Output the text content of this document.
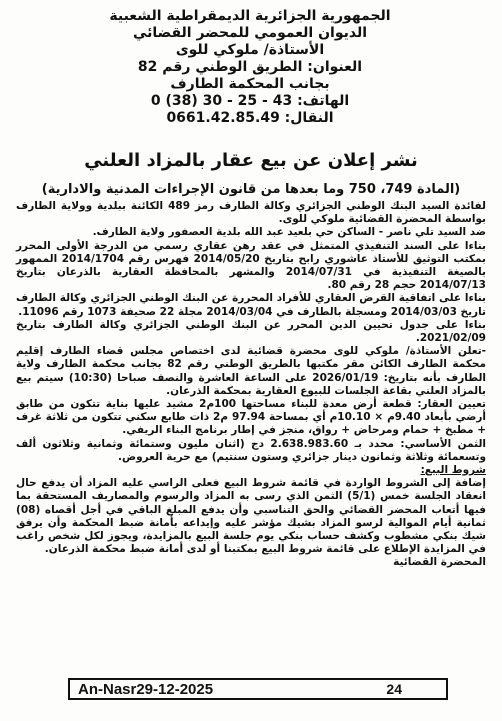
الجمهورية الجزائرية الديمقراطية الشعبية
الديوان العمومي للمحضر القضائي
الأستاذة/ ملوكي للوى
العنوان: الطريق الوطني رقم 82
بجانب المحكمة الطارف
الهاتف: 43 - 25 - 30 (38) 0
النقال: 0661.42.85.49
نشر إعلان عن بيع عقار بالمزاد العلني
(المادة 749، 750 وما بعدها من قانون الإجراءات المدنية والادارية)

لفائدة السيد البنك الوطني الجزائري وكالة الطارف رمز 489 الكائنة ببلدية وولاية الطارف بواسطة المحضرة القضائية ملوكي للوى.

ضد السيد تلي ناصر - الساكن حي بلعيد عبد الله بلدية العصفور ولاية الطارف.

بناءا على السند التنفيذي المتمثل في عقد رهن عقاري رسمي من الدرجة الأولى المحرر بمكتب التوثيق للأستاذ عاشوري رابح بتاريخ 2014/05/20 فهرس رقم 2014/1704 الممهور بالصيغة التنفيذية في 2014/07/31 والمشهر بالمحافظة العقارية بالذرعان بتاريخ 2014/07/13 حجم 28 رقم 80.

بناءا على اتفاقية القرض العقاري للأفراد المحررة عن البنك الوطني الجزائري وكالة الطارف تاريخ 2014/03/03 ومسجلة بالطارف في 2014/03/04 مجلة 22 صحيفة 1073 رقم 11096.

بناءا على جدول تحيين الدين المحرر عن البنك الوطني الجزائري وكالة الطارف بتاريخ 2021/02/09.

-تعلن الأستاذة/ ملوكي للوى محضرة قضائية لدى اختصاص مجلس قضاء الطارف إقليم محكمة الطارف الكائن مقر مكتبها بالطريق الوطني رقم 82 بجانب محكمة الطارف ولاية الطارف بأنه بتاريخ: 2026/01/19 على الساعة العاشرة والنصف صباحا (10:30) سيتم بيع بالمزاد العلني بقاعة الجلسات للبيوع العقارية بمحكمة الذرعان.

تعيين العقار: قطعة أرض معدة للبناء مساحتها 100م2 مشيد عليها بناية تتكون من طابق أرضي بأبعاد 9.40م × 10.10م أي بمساحة 97.94 م2 ذات طابع سكني تتكون من ثلاثة غرف + مطبخ + حمام ومرحاض + رواق، منجز في إطار برنامج البناء الريفي.

الثمن الأساسي: محدد بـ 2.638.983.60 دج (اثنان مليون وستمائة وثمانية وثلاثون ألف وتسعمائة وثلاثة وثمانون دينار جزائري وستون سنتيم) مع حرية العروض.

شروط البيع:

إضافة إلى الشروط الواردة في قائمة شروط البيع فعلى الراسي عليه المزاد أن يدفع حال انعقاد الجلسة خمس (5/1) الثمن الذي رسى به المزاد والرسوم والمصاريف المستحقة بما فيها أتعاب المحضر القضائي والحق التناسبي وأن يدفع المبلغ الباقي في أجل أقصاه (08) ثمانية أيام الموالية لرسو المزاد بشيك مؤشر عليه وإيداعه بأمانة ضبط المحكمة وأن يرفق شيك بنكي مشطوب وكشف حساب بنكي يوم جلسة البيع بالمزايدة، ويجوز لكل شخص راغب في المزايدة الإطلاع على قائمة شروط البيع بمكتبنا أو لدى أمانة ضبط محكمة الذرعان.

المحضرة القضائية

An-Nasr29-12-2025	24
